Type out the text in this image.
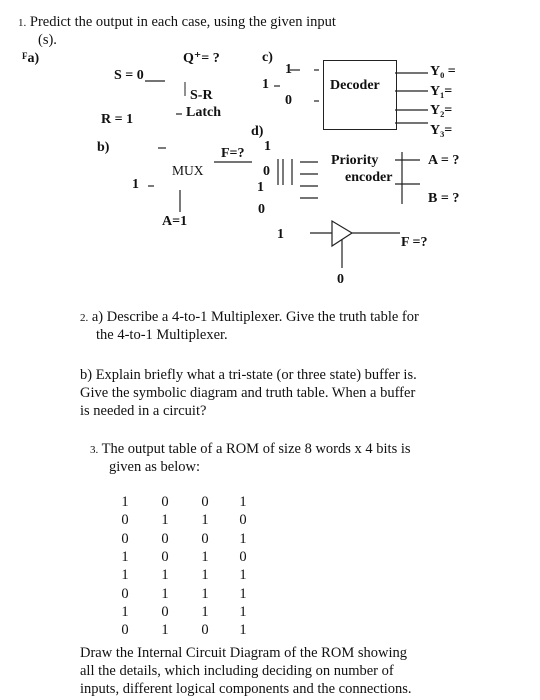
1. Predict the output in each case, using the given input
(s).
$^F$a)	Q⁺= ?
S = 0
R = 1
S-R
Latch
b)	F=?
MUX
1
A=1
c)
1
1
0
Decoder
Y₀ =
Y₁=
Y₂=
Y₃=
d)
1
0
1
0
Priority
encoder
A = ?
B = ?
1
0
F =?
2. a) Describe a 4-to-1 Multiplexer. Give the truth table for
the 4-to-1 Multiplexer.
b) Explain briefly what a tri-state (or three state) buffer is.
Give the symbolic diagram and truth table. When a buffer
is needed in a circuit?
3. The output table of a ROM of size 8 words x 4 bits is
given as below:
1 0 0 1
0 1 1 0
0 0 0 1
1 0 1 0
1 1 1 1
0 1 1 1
1 0 1 1
0 1 0 1
Draw the Internal Circuit Diagram of the ROM showing
all the details, which including deciding on number of
inputs, different logical components and the connections.
